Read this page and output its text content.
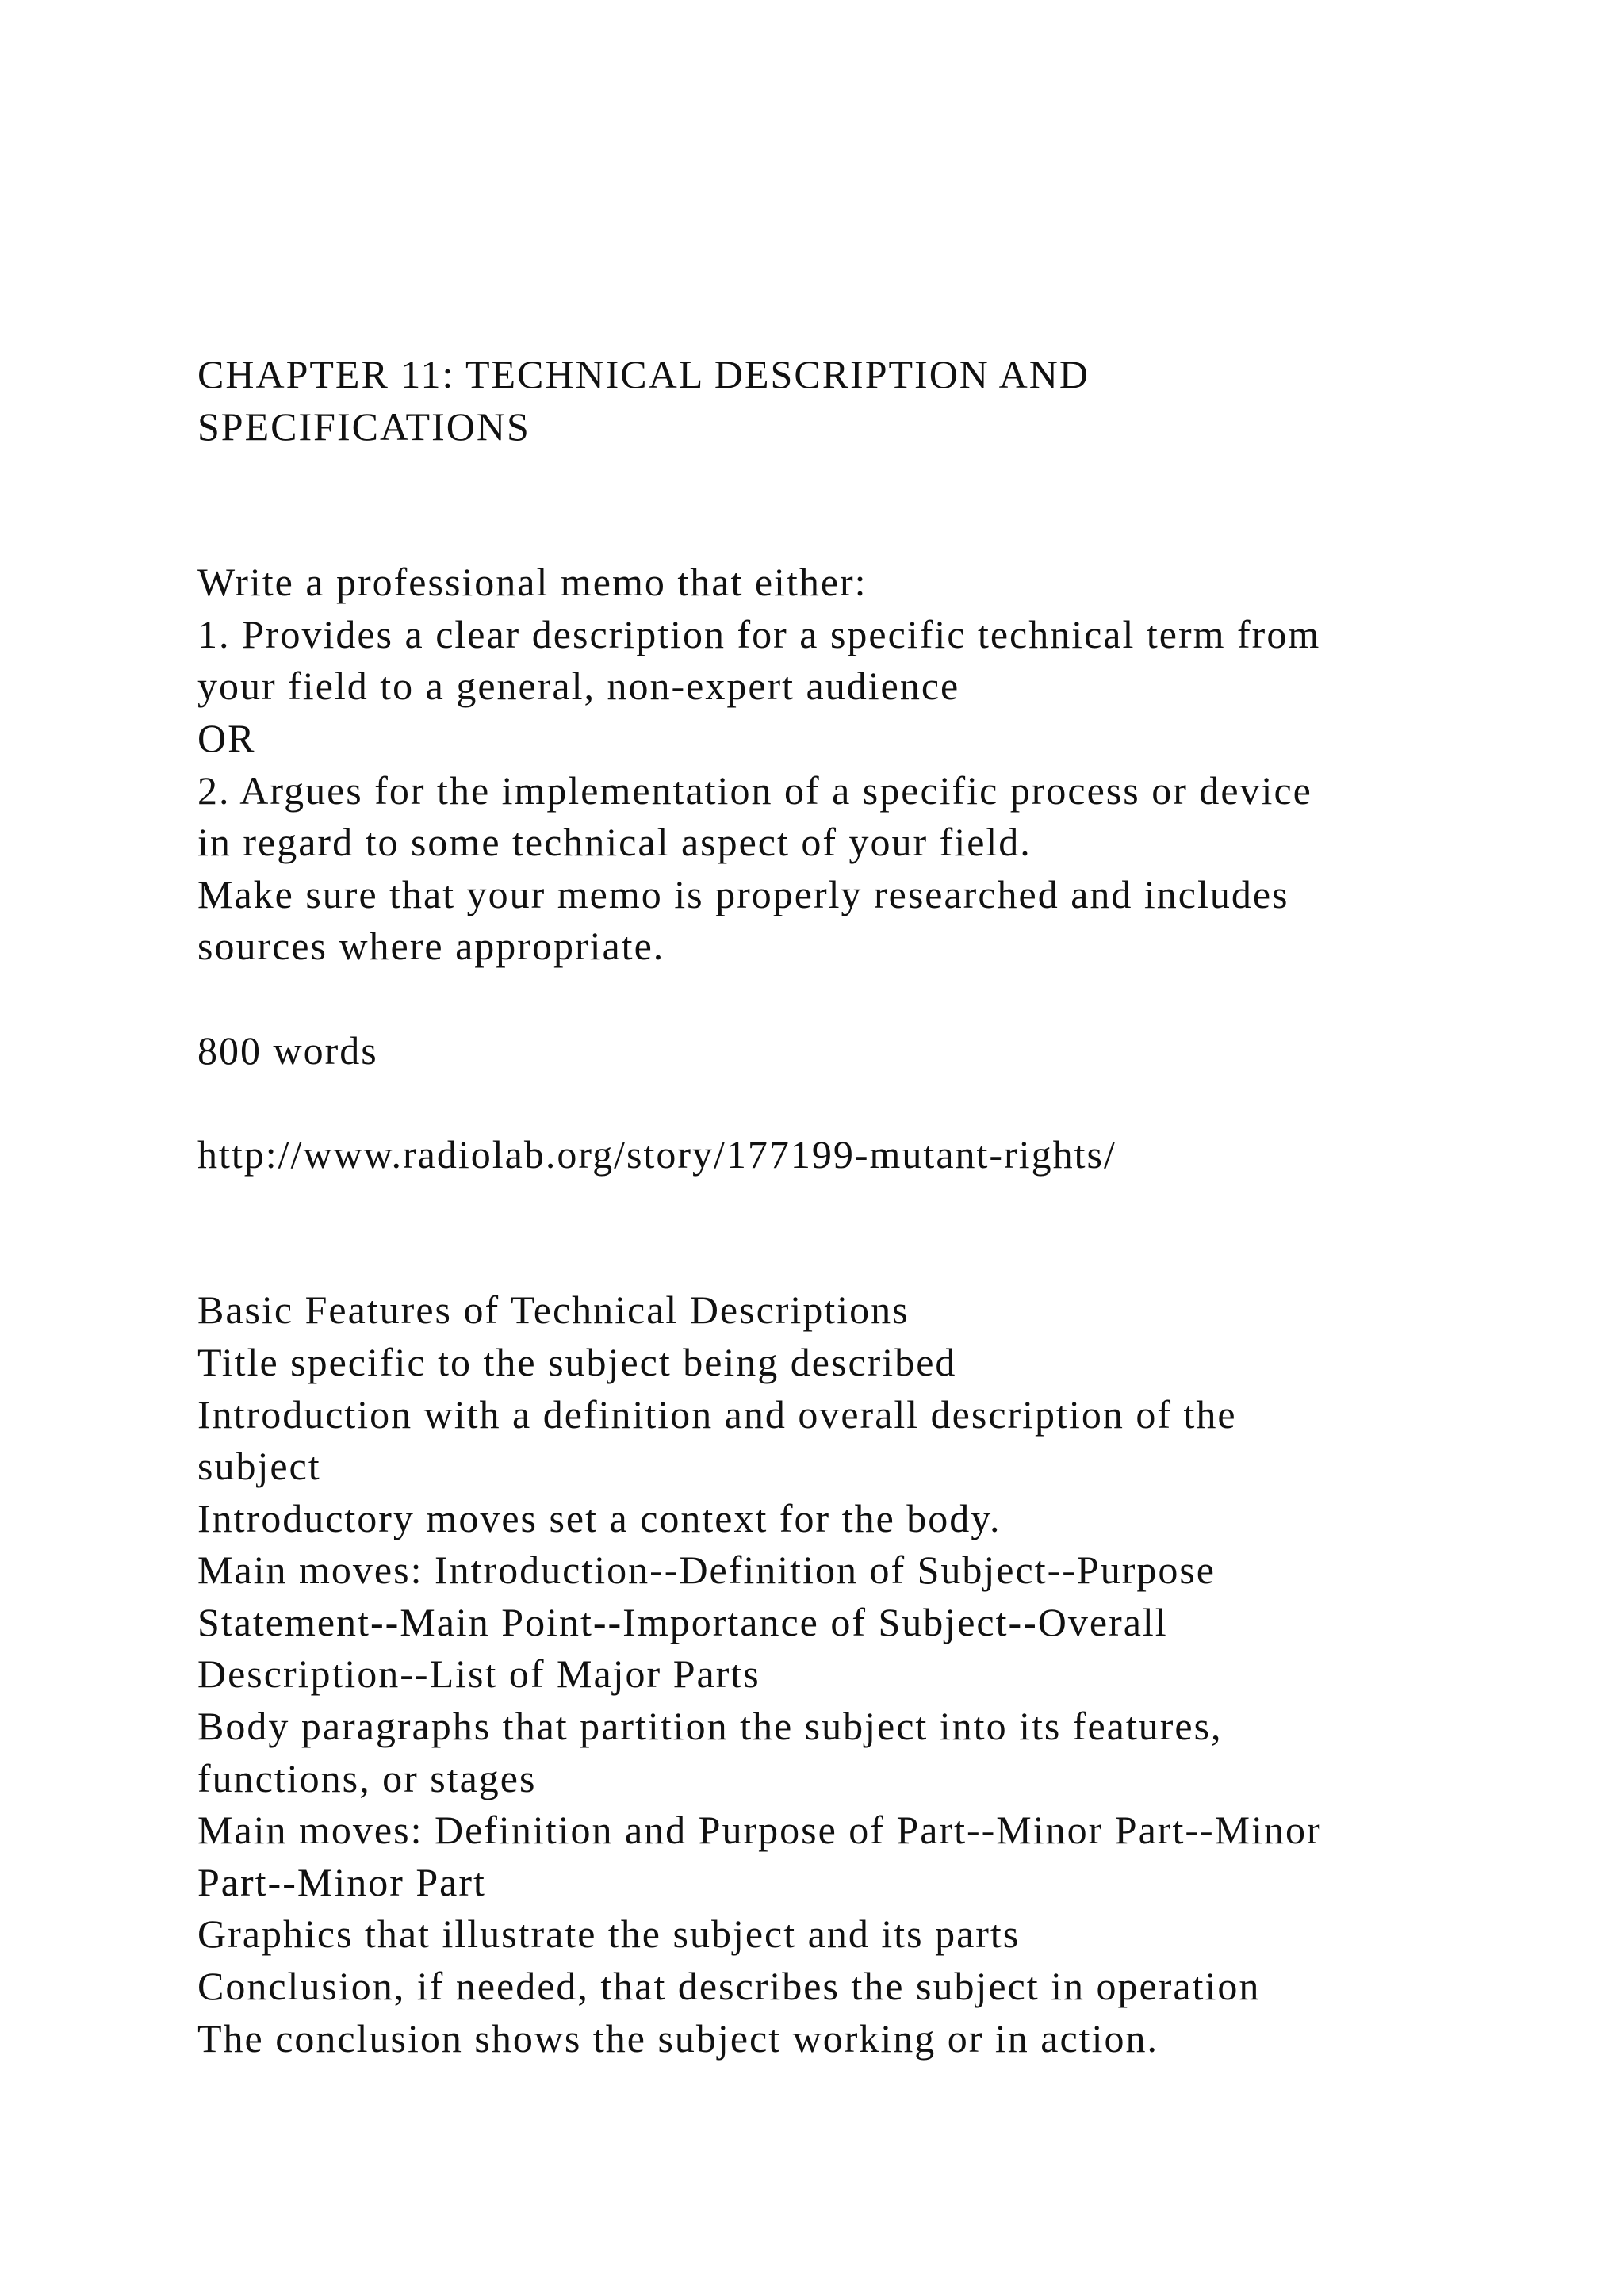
CHAPTER 11: TECHNICAL DESCRIPTION AND
SPECIFICATIONS
Write a professional memo that either:
1. Provides a clear description for a specific technical term from
your field to a general, non-expert audience
OR
2. Argues for the implementation of a specific process or device
in regard to some technical aspect of your field.
Make sure that your memo is properly researched and includes
sources where appropriate.
800 words
http://www.radiolab.org/story/177199-mutant-rights/
Basic Features of Technical Descriptions
Title specific to the subject being described
Introduction with a definition and overall description of the
subject
Introductory moves set a context for the body.
Main moves: Introduction--Definition of Subject--Purpose
Statement--Main Point--Importance of Subject--Overall
Description--List of Major Parts
Body paragraphs that partition the subject into its features,
functions, or stages
Main moves: Definition and Purpose of Part--Minor Part--Minor
Part--Minor Part
Graphics that illustrate the subject and its parts
Conclusion, if needed, that describes the subject in operation
The conclusion shows the subject working or in action.
